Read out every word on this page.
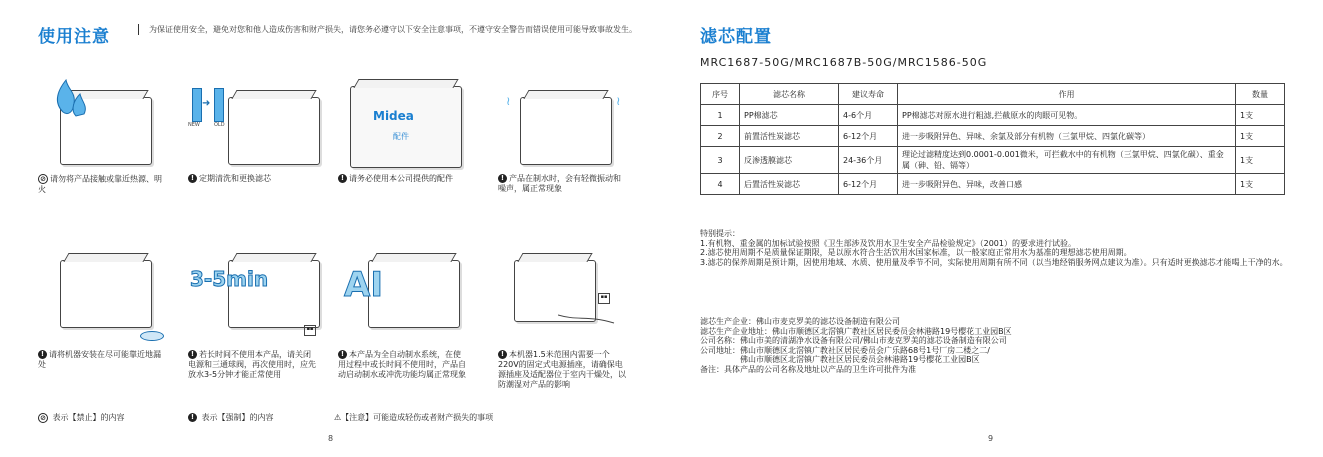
使用注意	为保证使用安全，避免对您和他人造成伤害和财产损失，请您务必遵守以下安全注意事项，不遵守安全警告而错误使用可能导致事故发生。
⊘ 请勿将产品接触或靠近热源、明火
➜
NEW	OLD
! 定期清洗和更换滤芯
Midea
配件
! 请务必使用本公司提供的配件
≀	≀
! 产品在制水时，会有轻微振动和噪声，属正常现象
! 请将机器安装在尽可能靠近地漏处
3-5min
▪▪
! 若长时间不使用本产品，请关闭电源和三通球阀，再次使用时，应先放水3-5分钟才能正常使用
AI
! 本产品为全自动制水系统，在使用过程中或长时间不使用时，产品自动启动制水或冲洗功能均属正常现象
▪▪
! 本机器1.5米范围内需要一个220V的固定式电源插座，请确保电源插座及适配器位于室内干燥处，以防潮湿对产品的影响
⊘ 表示【禁止】的内容	! 表示【强制】的内容	⚠【注意】可能造成轻伤或者财产损失的事项
8
滤芯配置
MRC1687-50G/MRC1687B-50G/MRC1586-50G
序号	滤芯名称	建议寿命	作用	数量
1	PP棉滤芯	4-6个月	PP棉滤芯对原水进行粗滤,拦截原水的肉眼可见物。	1支
2	前置活性炭滤芯	6-12个月	进一步吸附异色、异味、余氯及部分有机物（三氯甲烷、四氯化碳等）	1支
3	反渗透膜滤芯	24-36个月	理论过滤精度达到0.0001-0.001微米，可拦截水中的有机物（三氯甲烷、四氯化碳）、重金属（砷、铅、镉等）	1支
4	后置活性炭滤芯	6-12个月	进一步吸附异色、异味，改善口感	1支
特别提示：
1.有机物、重金属的加标试验按照《卫生部涉及饮用水卫生安全产品检验规定》（2001）的要求进行试验。
2.滤芯使用周期不是质量保证期限，是以原水符合生活饮用水国家标准，以一般家庭正常用水为基准的理想滤芯使用周期。
3.滤芯的保养周期是预计期，因使用地域、水质、使用量及季节不同，实际使用周期有所不同（以当地经销服务网点建议为准）。只有适时更换滤芯才能喝上干净的水。
滤芯生产企业：佛山市麦克罗美的滤芯设备制造有限公司
滤芯生产企业地址：佛山市顺德区北滘镇广教社区居民委员会林港路19号樱花工业园B区
公司名称：佛山市美的清湖净水设备有限公司/佛山市麦克罗美的滤芯设备制造有限公司
公司地址：佛山市顺德区北滘镇广教社区居民委员会广乐路68号1号厂房二楼之二/
　　　　　佛山市顺德区北滘镇广教社区居民委员会林港路19号樱花工业园B区
备注：具体产品的公司名称及地址以产品的卫生许可批件为准
9
